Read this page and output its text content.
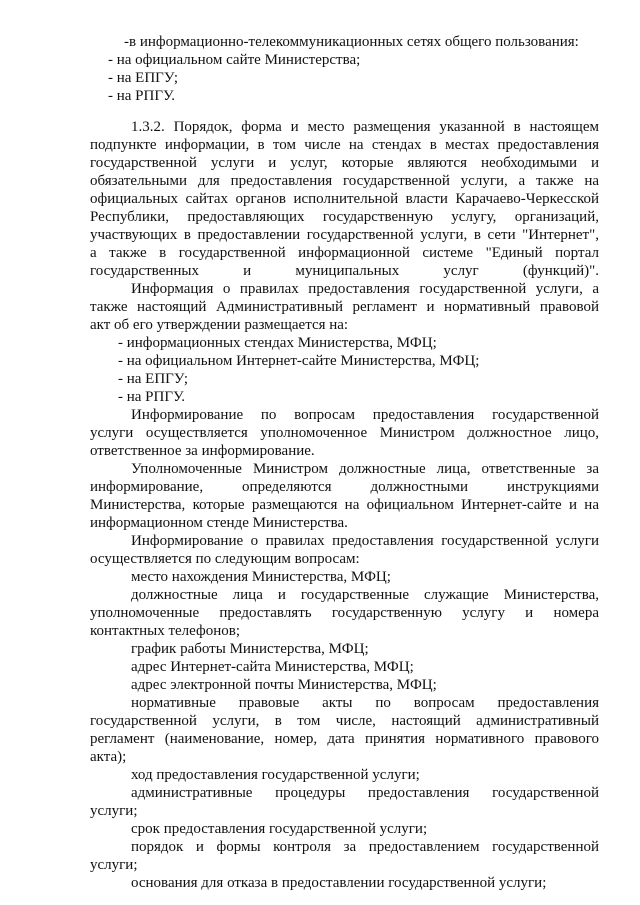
-в информационно-телекоммуникационных сетях общего пользования:
- на официальном сайте Министерства;
- на ЕПГУ;
- на РПГУ.
1.3.2. Порядок, форма и место размещения указанной в настоящем
подпункте информации, в том числе на стендах в местах предоставления
государственной услуги и услуг, которые являются необходимыми и
обязательными для предоставления государственной услуги, а также на
официальных сайтах органов исполнительной власти Карачаево-Черкесской
Республики, предоставляющих государственную услугу, организаций,
участвующих в предоставлении государственной услуги, в сети "Интернет",
а также в государственной информационной системе "Единый портал
государственных и муниципальных услуг (функций)".
Информация о правилах предоставления государственной услуги, а
также настоящий Административный регламент и нормативный правовой
акт об его утверждении размещается на:
- информационных стендах Министерства, МФЦ;
- на официальном Интернет-сайте Министерства, МФЦ;
- на ЕПГУ;
- на РПГУ.
Информирование по вопросам предоставления государственной
услуги осуществляется уполномоченное Министром должностное лицо,
ответственное за информирование.
Уполномоченные Министром должностные лица, ответственные за
информирование, определяются должностными инструкциями
Министерства, которые размещаются на официальном Интернет-сайте и на
информационном стенде Министерства.
Информирование о правилах предоставления государственной услуги
осуществляется по следующим вопросам:
место нахождения Министерства, МФЦ;
должностные лица и государственные служащие Министерства,
уполномоченные предоставлять государственную услугу и номера
контактных телефонов;
график работы Министерства, МФЦ;
адрес Интернет-сайта Министерства, МФЦ;
адрес электронной почты Министерства, МФЦ;
нормативные правовые акты по вопросам предоставления
государственной услуги, в том числе, настоящий административный
регламент (наименование, номер, дата принятия нормативного правового
акта);
ход предоставления государственной услуги;
административные процедуры предоставления государственной
услуги;
срок предоставления государственной услуги;
порядок и формы контроля за предоставлением государственной
услуги;
основания для отказа в предоставлении государственной услуги;
